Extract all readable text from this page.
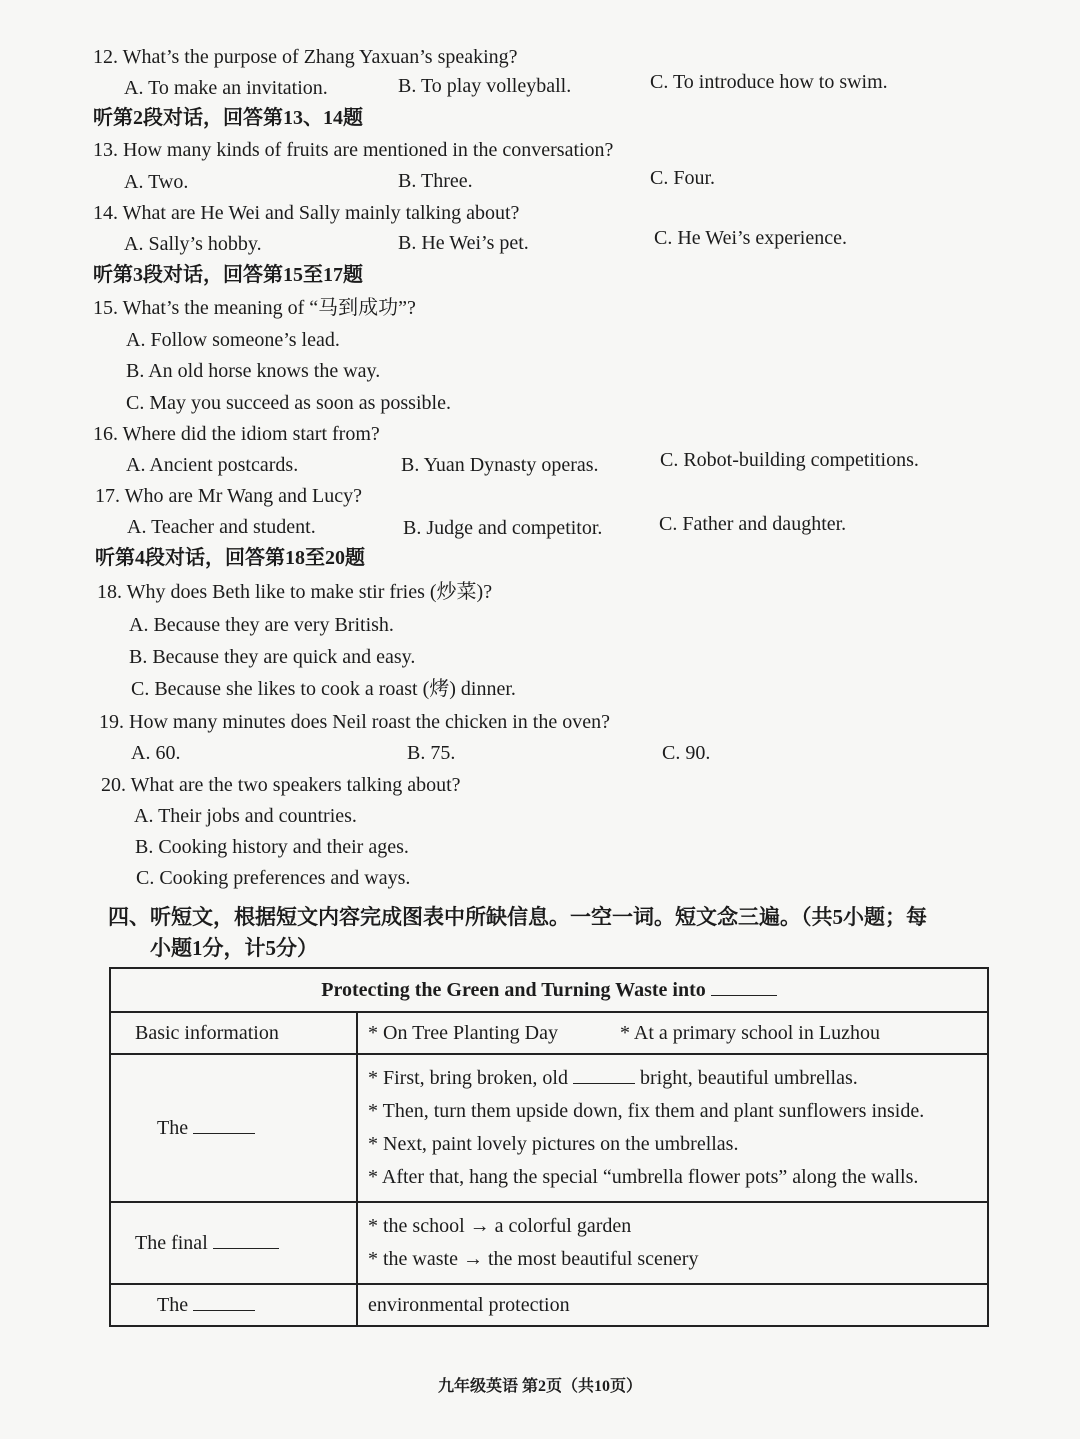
12. What’s the purpose of Zhang Yaxuan’s speaking?
A. To make an invitation.	B. To play volleyball.	C. To introduce how to swim.
听第2段对话，回答第13、14题
13. How many kinds of fruits are mentioned in the conversation?
A. Two.	B. Three.	C. Four.
14. What are He Wei and Sally mainly talking about?
A. Sally’s hobby.	B. He Wei’s pet.	C. He Wei’s experience.
听第3段对话，回答第15至17题
15. What’s the meaning of “马到成功”?
A. Follow someone’s lead.
B. An old horse knows the way.
C. May you succeed as soon as possible.
16. Where did the idiom start from?
A. Ancient postcards.	B. Yuan Dynasty operas.	C. Robot-building competitions.
17. Who are Mr Wang and Lucy?
A. Teacher and student.	B. Judge and competitor.	C. Father and daughter.
听第4段对话，回答第18至20题
18. Why does Beth like to make stir fries (炒菜)?
A. Because they are very British.
B. Because they are quick and easy.
C. Because she likes to cook a roast (烤) dinner.
19. How many minutes does Neil roast the chicken in the oven?
A. 60.	B. 75.	C. 90.
20. What are the two speakers talking about?
A. Their jobs and countries.
B. Cooking history and their ages.
C. Cooking preferences and ways.
四、听短文，根据短文内容完成图表中所缺信息。一空一词。短文念三遍。（共5小题；每
小题1分，计5分）
Protecting the Green and Turning Waste into	
Basic information	* On Tree Planting Day * At a primary school in Luzhou
The	* First, bring broken, old bright, beautiful umbrellas.
* Then, turn them upside down, fix them and plant sunflowers inside.
* Next, paint lovely pictures on the umbrellas.
* After that, hang the special “umbrella flower pots” along the walls.

The final	* the school → a colorful garden
* the waste → the most beautiful scenery

The	environmental protection
九年级英语 第2页（共10页）
